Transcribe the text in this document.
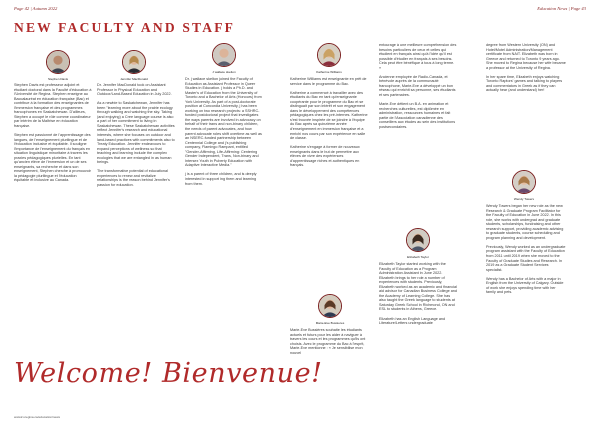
Page 42 | Autumn 2022	Education News | Page 43
NEW FACULTY AND STAFF
Stephen Davis	Jennifer MacDonald
J wallace skelton	Katherine Williams
Marie-Eve Bussieres
Elizabeth Taylor
Wendy Towers

Stephen Davis est professeur adjoint et étudiant doctoral dans la Faculté d'éducation à l'Université de Regina. Stephen enseigne au Baccalauréat en éducation française (Bac) et contribue à la formation des enseignantes de l'immersion française et des programmes francophones en Saskatchewan. D'ailleurs, Stephen a occupé le rôle comme coordinateur par intérim de la Maîtrise en éducation française.

Stephen est passionné de l'apprentissage des langues, de l'enseignement plurilingue et de l'éducation inclusive et équitable. Il souligne l'importance de l'enseignement du français en situation linguistique minoritaire à travers les praxies pédagogiques plurielles. En tant qu'ancien élève de l'immersion et un de ses enseignants, sa recherche et dans son enseignement, Stephen cherche à promouvoir la pédagogie plurilingue et l'éducation équitable et inclusive au Canada.

Dr. Jennifer MacDonald took on Assistant Professor in Physical Education and Outdoor/Land-Based Education in July 2022.

As a newbie to Saskatchewan, Jennifer has been "learning more about the prairie ecology through walking and watching the sky. Taking (and enjoying) a Cree language course is also a part of her commitment to living in Saskatchewan. These Saskatchewan activities reflect Jennifer's research and educational interests, where she focuses on outdoor and land-based practices with commitments also to Treaty Education. Jennifer endeavours to expand perceptions of wellness so that teaching and learning include the complex ecologies that we are entangled in as human beings.

The transformative potential of educational experiences to renew and revitalize relationships is the reason behind Jennifer's passion for education.

Dr. j wallace skelton joined the Faculty of Education as Assistant Professor in Queer Studies in Education. j holds a Ph.D. and Master's of Education from the University of Toronto and a Bachelor of Arts (Honours) from York University. As part of a post-doctorate position at Concordia University, j has been working on two research projects: a SSHRC-funded postdoctoral project that investigates the ways parents are involved in advocacy on behalf of their trans and non-binary children, the needs of parent advocates, and how parent advocate roles shift overtime as well as an NSERC-funded partnership between Centennial College and j's publishing company, Flamingo Rampant, entitled "Gender-Affirming, Life-Affirming: Centering Gender Independent, Trans, Non-binary and Intersex Youth in Puberty Education with Adaptive Interactive Media."

j is a parent of three children, and is deeply interested in support ing them and learning from them.

Katherine Williams est enseignante en prêt de service dans le programme du Bac.

Katherine a commencé à travailler avec des étudiants du Bac en tant qu'enseignante coopérante pour le programme du Bac et se distinguait par son intérêt et son engagement dans le développement des compétences pédagogiques chez les pré-internes. Katherine s'est trouvée inspirée de se joindre à l'équipe du Bac après sa quinzième année d'enseignement en immersion française et a enrichi nos cours par son expérience en salle de classe.

Katherine s'engage à former de nouveaux enseignants dans le but de permettre aux élèves de vivre des expériences d'apprentissage riches et authentiques en français.

Marie-Eve Bussières souhaite les étudiants actuels et futurs pour les aider à naviguer à travers les cours et les programmes qu'ils ont choisis. Avec le programme du Bac à l'esprit, Marie-Eve mentionne : « Je sensibilise mon nouvel

entourage à une meilleure compréhension des besoins particuliers de ceux et celles qui étudient en français ainsi qu'à l'idée qu'il est possible d'étudier en français à ses besoins. Cela peut être bénéfique à tous à long terme. »

Ancienne employée de Radio-Canada, et bénévole auprès de la communauté francophone, Marie-Eve a développé un bon réseau qui enrichit sa personne, ses étudiants et ses partenaires.

Marie-Eve détient un B.A. en animation et recherches culturelles, est diplômée en administration, ressources humaines et fait partie de l'Association canadienne des conseillers aux études au sein des institutions postsecondaires.

Elizabeth Taylor started working with the Faculty of Education as a Program Administration Assistant in June 2022. Elizabeth brings to her role a number of experiences with students. Previously, Elizabeth worked as an academic and financial aid advisor for Canadian Business College and the Academy of Learning College. She has also taught the Greek language to students at Saturday Greek School in Richmond, ON and ESL to students in Athens, Greece.

Elizabeth has an English Language and Literature/Letters undergraduate

degree from Western University (ON) and Hotel/Motel Administration/Management certificate from NAIT. Elizabeth was born in Greece and returned to Toronto 9 years ago. She moved to Regina because her wife became a professor at the University of Regina.

In her spare time, Elizabeth enjoys watching Toronto Raptors' games and talking to players and commentators in Greek as if they can actually hear (and understand) her!

Wendy Towers began her new role as the new Research & Graduate Program Facilitator for the Faculty of Education in June 2022. In this role, she works with undergrad and graduate students, scholarships, fundraising and other research support, providing academic advising to graduate students, course scheduling and program planning and development.

Previously, Wendy worked as an undergraduate program assistant with the Faculty of Education from 2011 until 2019 when she moved to the Faculty of Graduate Studies and Research. In 2019 as a Graduate Student Services specialist.

Wendy has a Bachelor of Arts with a major in English from the University of Calgary. Outside of work she enjoys spending time with her family and pets.

Welcome! Bienvenue!
www2.uregina.ca/education/news
